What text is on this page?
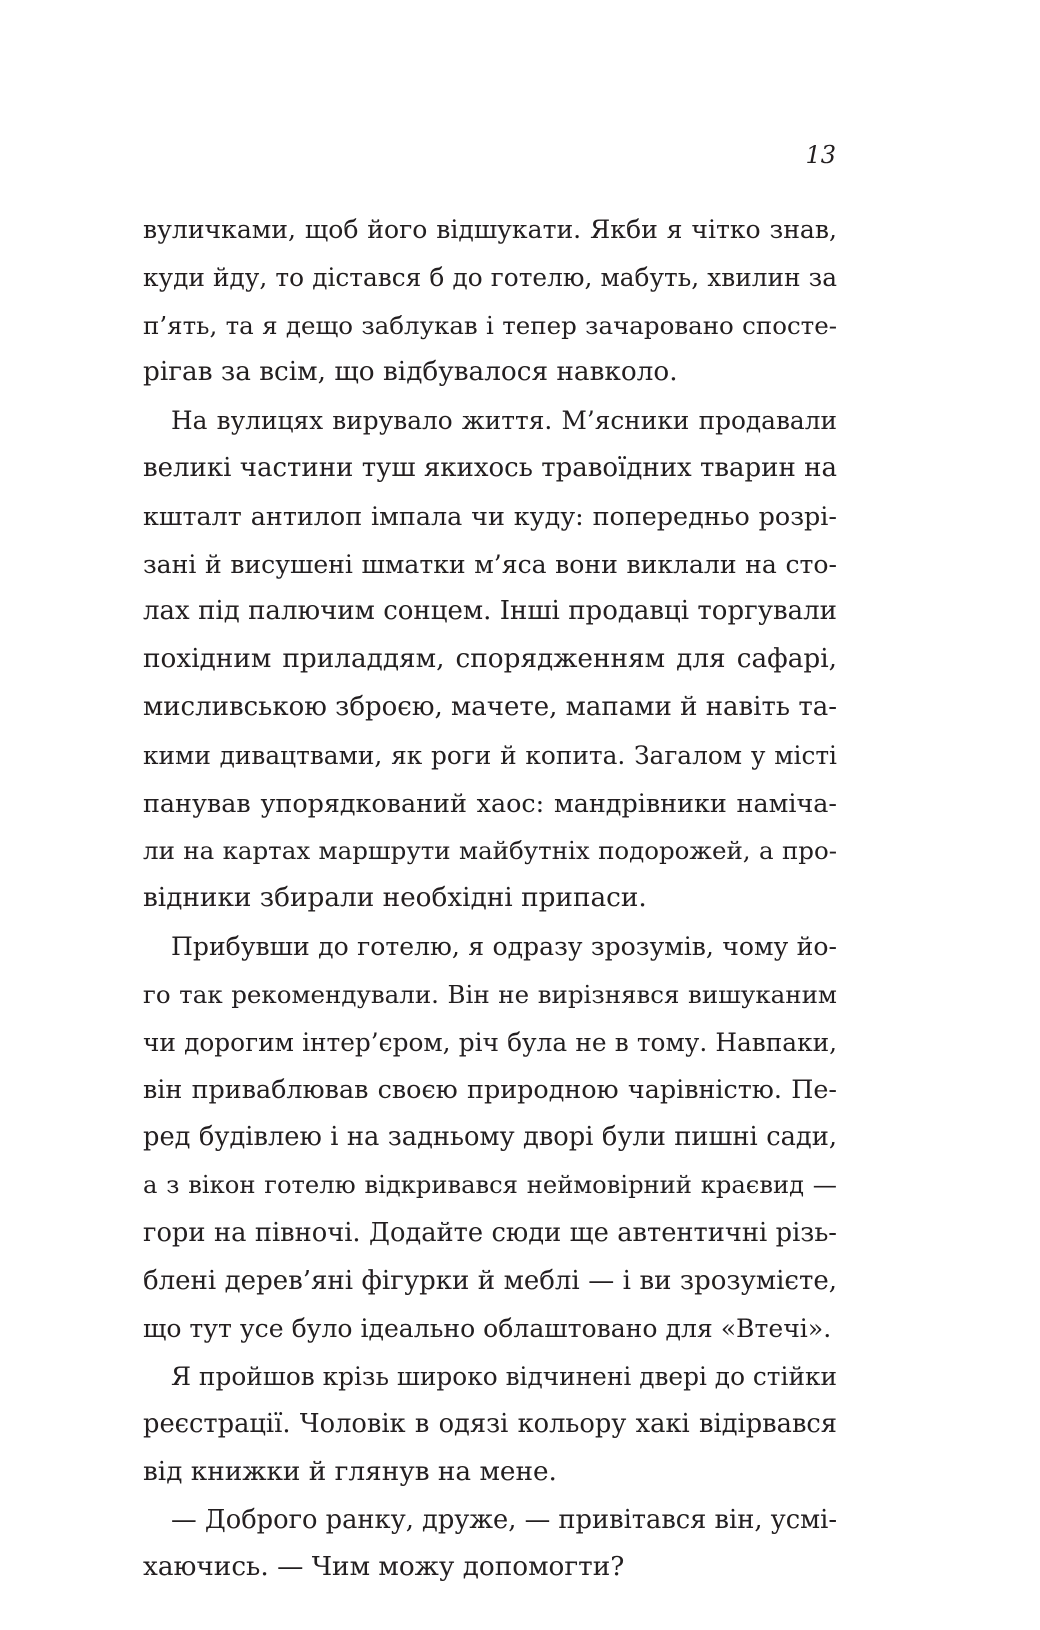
13
вуличками, щоб його відшукати. Якби я чітко знав,
куди йду, то дістався б до готелю, мабуть, хвилин за
п’ять, та я дещо заблукав і тепер зачаровано спосте-
рігав за всім, що відбувалося навколо.
На вулицях вирувало життя. М’ясники продавали
великі частини туш якихось травоїдних тварин на
кшталт антилоп імпала чи куду: попередньо розрі-
зані й висушені шматки м’яса вони виклали на сто-
лах під палючим сонцем. Інші продавці торгували
похідним приладдям, спорядженням для сафарі,
мисливською зброєю, мачете, мапами й навіть та-
кими дивацтвами, як роги й копита. Загалом у місті
панував упорядкований хаос: мандрівники наміча-
ли на картах маршрути майбутніх подорожей, а про-
відники збирали необхідні припаси.
Прибувши до готелю, я одразу зрозумів, чому йо-
го так рекомендували. Він не вирізнявся вишуканим
чи дорогим інтер’єром, річ була не в тому. Навпаки,
він приваблював своєю природною чарівністю. Пе-
ред будівлею і на задньому дворі були пишні сади,
а з вікон готелю відкривався неймовірний краєвид —
гори на півночі. Додайте сюди ще автентичні різь-
блені дерев’яні фігурки й меблі — і ви зрозумієте,
що тут усе було ідеально облаштовано для «Втечі».
Я пройшов крізь широко відчинені двері до стійки
реєстрації. Чоловік в одязі кольору хакі відірвався
від книжки й глянув на мене.
— Доброго ранку, друже, — привітався він, усмі-
хаючись. — Чим можу допомогти?
